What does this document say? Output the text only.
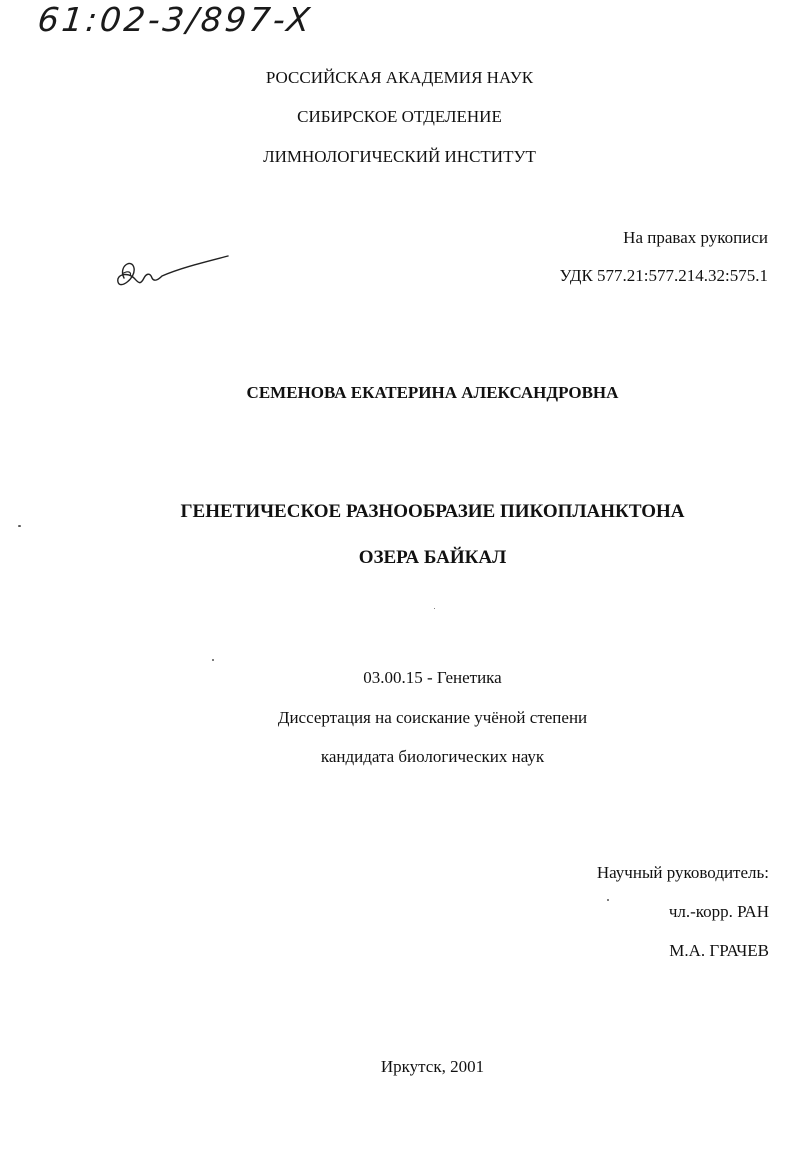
61:02-3/897-X
РОССИЙСКАЯ АКАДЕМИЯ НАУК
СИБИРСКОЕ ОТДЕЛЕНИЕ
ЛИМНОЛОГИЧЕСКИЙ ИНСТИТУТ
На правах рукописи
УДК 577.21:577.214.32:575.1
СЕМЕНОВА ЕКАТЕРИНА АЛЕКСАНДРОВНА
ГЕНЕТИЧЕСКОЕ РАЗНООБРАЗИЕ ПИКОПЛАНКТОНА
ОЗЕРА БАЙКАЛ
03.00.15 - Генетика
Диссертация на соискание учёной степени
кандидата биологических наук
Научный руководитель:
чл.-корр. РАН
М.А. ГРАЧЕВ
Иркутск, 2001
